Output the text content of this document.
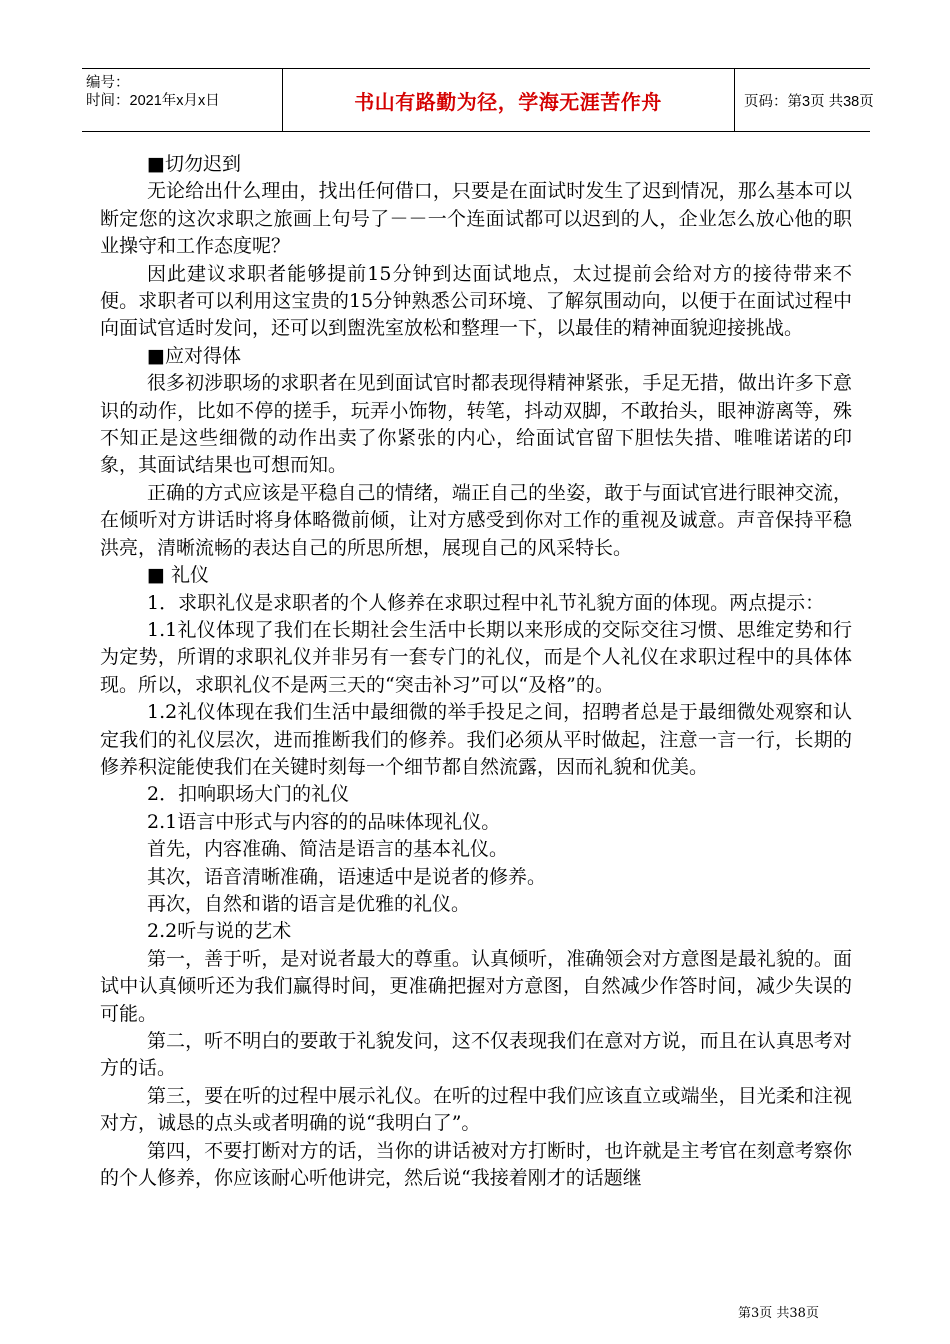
编号：
时间：2021年x月x日	书山有路勤为径，学海无涯苦作舟	页码：第3页 共38页

■切勿迟到

无论给出什么理由，找出任何借口，只要是在面试时发生了迟到情况，那么基本可以断定您的这次求职之旅画上句号了－－一个连面试都可以迟到的人，企业怎么放心他的职业操守和工作态度呢？

因此建议求职者能够提前15分钟到达面试地点，太过提前会给对方的接待带来不便。求职者可以利用这宝贵的15分钟熟悉公司环境、了解氛围动向，以便于在面试过程中向面试官适时发问，还可以到盥洗室放松和整理一下，以最佳的精神面貌迎接挑战。

■应对得体

很多初涉职场的求职者在见到面试官时都表现得精神紧张，手足无措，做出许多下意识的动作，比如不停的搓手，玩弄小饰物，转笔，抖动双脚，不敢抬头，眼神游离等，殊不知正是这些细微的动作出卖了你紧张的内心，给面试官留下胆怯失措、唯唯诺诺的印象，其面试结果也可想而知。

正确的方式应该是平稳自己的情绪，端正自己的坐姿，敢于与面试官进行眼神交流，在倾听对方讲话时将身体略微前倾，让对方感受到你对工作的重视及诚意。声音保持平稳洪亮，清晰流畅的表达自己的所思所想，展现自己的风采特长。

■ 礼仪

1．求职礼仪是求职者的个人修养在求职过程中礼节礼貌方面的体现。两点提示：

1.1礼仪体现了我们在长期社会生活中长期以来形成的交际交往习惯、思维定势和行为定势，所谓的求职礼仪并非另有一套专门的礼仪，而是个人礼仪在求职过程中的具体体现。所以，求职礼仪不是两三天的“突击补习”可以“及格”的。

1.2礼仪体现在我们生活中最细微的举手投足之间，招聘者总是于最细微处观察和认定我们的礼仪层次，进而推断我们的修养。我们必须从平时做起，注意一言一行，长期的修养积淀能使我们在关键时刻每一个细节都自然流露，因而礼貌和优美。

2．扣响职场大门的礼仪

2.1语言中形式与内容的的品味体现礼仪。

首先，内容准确、简洁是语言的基本礼仪。

其次，语音清晰准确，语速适中是说者的修养。

再次，自然和谐的语言是优雅的礼仪。

2.2听与说的艺术

第一，善于听，是对说者最大的尊重。认真倾听，准确领会对方意图是最礼貌的。面试中认真倾听还为我们赢得时间，更准确把握对方意图，自然减少作答时间，减少失误的可能。

第二，听不明白的要敢于礼貌发问，这不仅表现我们在意对方说，而且在认真思考对方的话。

第三，要在听的过程中展示礼仪。在听的过程中我们应该直立或端坐，目光柔和注视对方，诚恳的点头或者明确的说“我明白了”。

第四，不要打断对方的话，当你的讲话被对方打断时，也许就是主考官在刻意考察你的个人修养，你应该耐心听他讲完，然后说“我接着刚才的话题继

第3页 共38页
